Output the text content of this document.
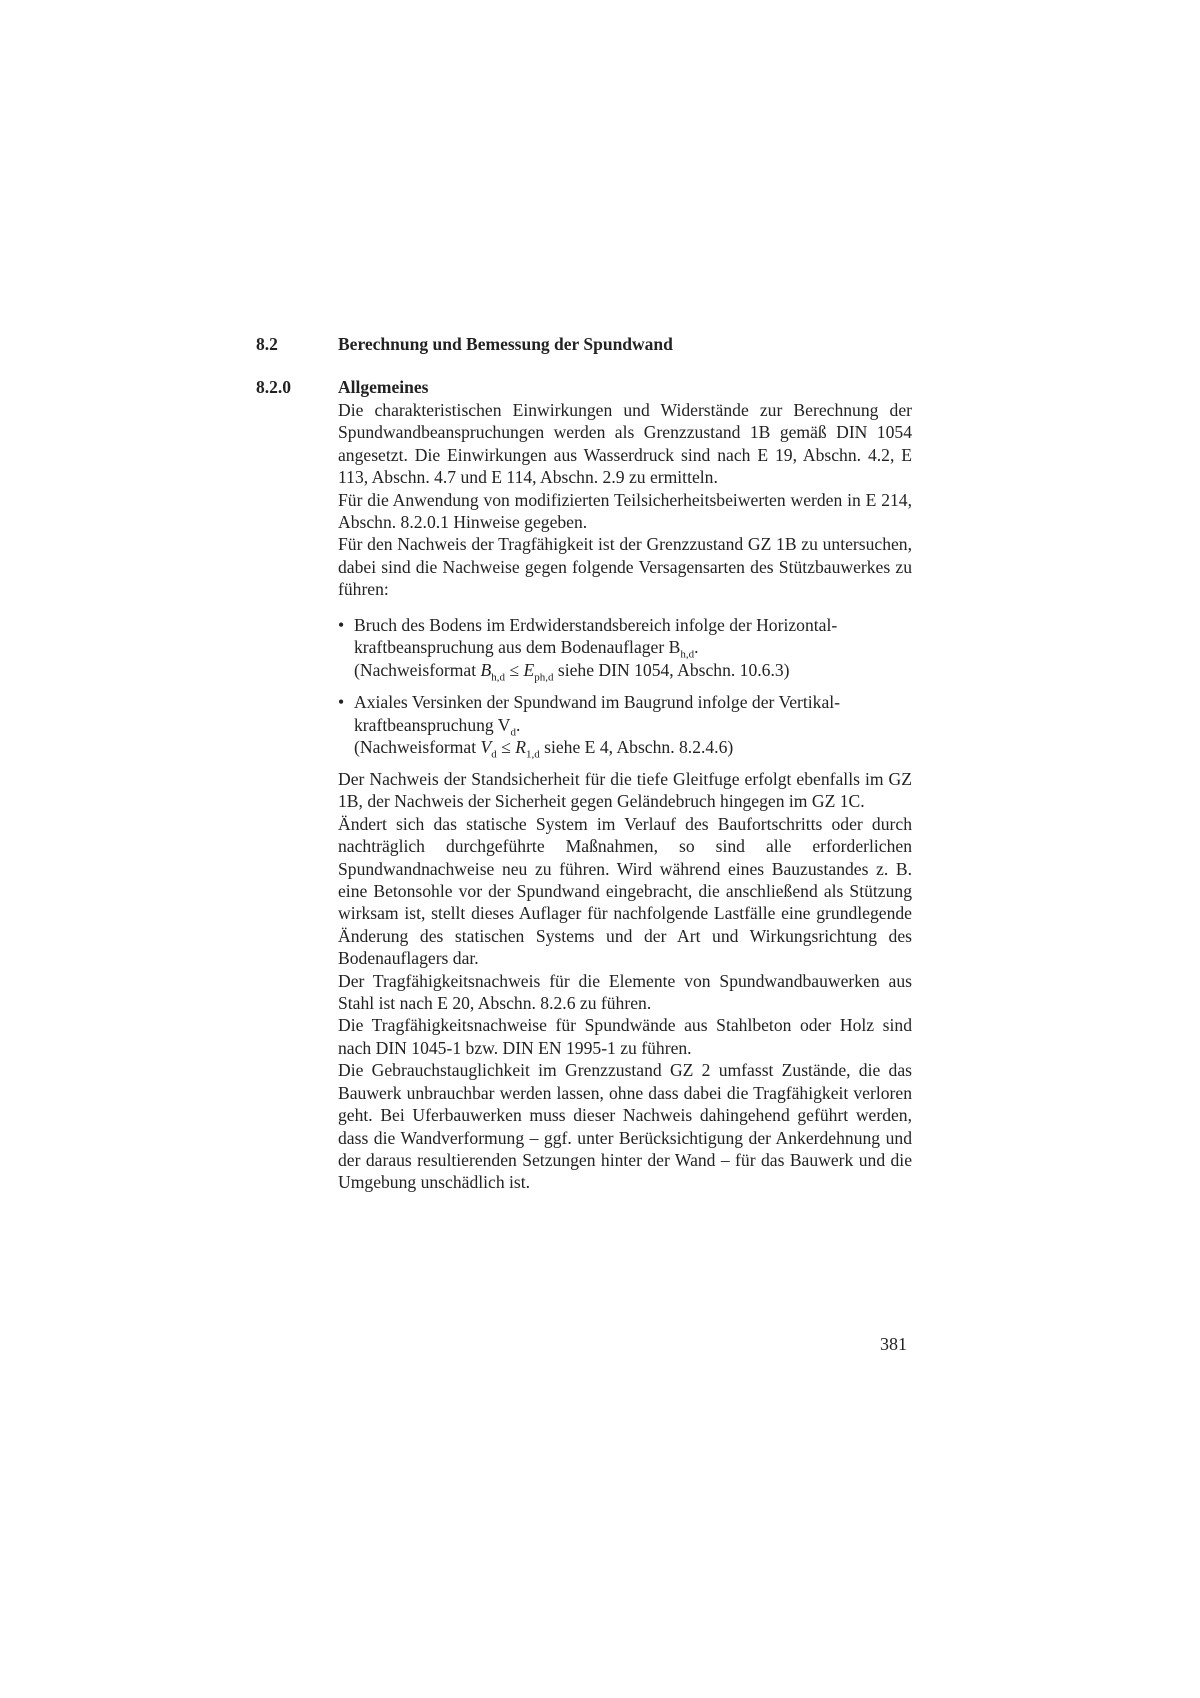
8.2	Berechnung und Bemessung der Spundwand
8.2.0	Allgemeines

Die charakteristischen Einwirkungen und Widerstände zur Berechnung der Spundwandbeanspruchungen werden als Grenzzustand 1B gemäß DIN 1054 angesetzt. Die Einwirkungen aus Wasserdruck sind nach E 19, Abschn. 4.2, E 113, Abschn. 4.7 und E 114, Abschn. 2.9 zu ermitteln.

Für die Anwendung von modifizierten Teilsicherheitsbeiwerten werden in E 214, Abschn. 8.2.0.1 Hinweise gegeben.

Für den Nachweis der Tragfähigkeit ist der Grenzzustand GZ 1B zu untersuchen, dabei sind die Nachweise gegen folgende Versagensarten des Stützbauwerkes zu führen:

• Bruch des Bodens im Erdwiderstandsbereich infolge der Horizontal-
kraftbeanspruchung aus dem Bodenauflager $B_{h,d}$.
(Nachweisformat $B_{h,d} \le E_{ph,d}$ siehe DIN 1054, Abschn. 10.6.3)
• Axiales Versinken der Spundwand im Baugrund infolge der Vertikal-
kraftbeanspruchung $V_d$.
(Nachweisformat $V_d \le R_{1,d}$ siehe E 4, Abschn. 8.2.4.6)

Der Nachweis der Standsicherheit für die tiefe Gleitfuge erfolgt ebenfalls im GZ 1B, der Nachweis der Sicherheit gegen Geländebruch hingegen im GZ 1C.

Ändert sich das statische System im Verlauf des Baufortschritts oder durch nachträglich durchgeführte Maßnahmen, so sind alle erforderlichen Spundwandnachweise neu zu führen. Wird während eines Bauzustandes z. B. eine Betonsohle vor der Spundwand eingebracht, die anschließend als Stützung wirksam ist, stellt dieses Auflager für nachfolgende Lastfälle eine grundlegende Änderung des statischen Systems und der Art und Wirkungsrichtung des Bodenauflagers dar.

Der Tragfähigkeitsnachweis für die Elemente von Spundwandbauwerken aus Stahl ist nach E 20, Abschn. 8.2.6 zu führen.

Die Tragfähigkeitsnachweise für Spundwände aus Stahlbeton oder Holz sind nach DIN 1045-1 bzw. DIN EN 1995-1 zu führen.

Die Gebrauchstauglichkeit im Grenzzustand GZ 2 umfasst Zustände, die das Bauwerk unbrauchbar werden lassen, ohne dass dabei die Tragfähigkeit verloren geht. Bei Uferbauwerken muss dieser Nachweis dahingehend geführt werden, dass die Wandverformung – ggf. unter Berücksichtigung der Ankerdehnung und der daraus resultierenden Setzungen hinter der Wand – für das Bauwerk und die Umgebung unschädlich ist.

381
